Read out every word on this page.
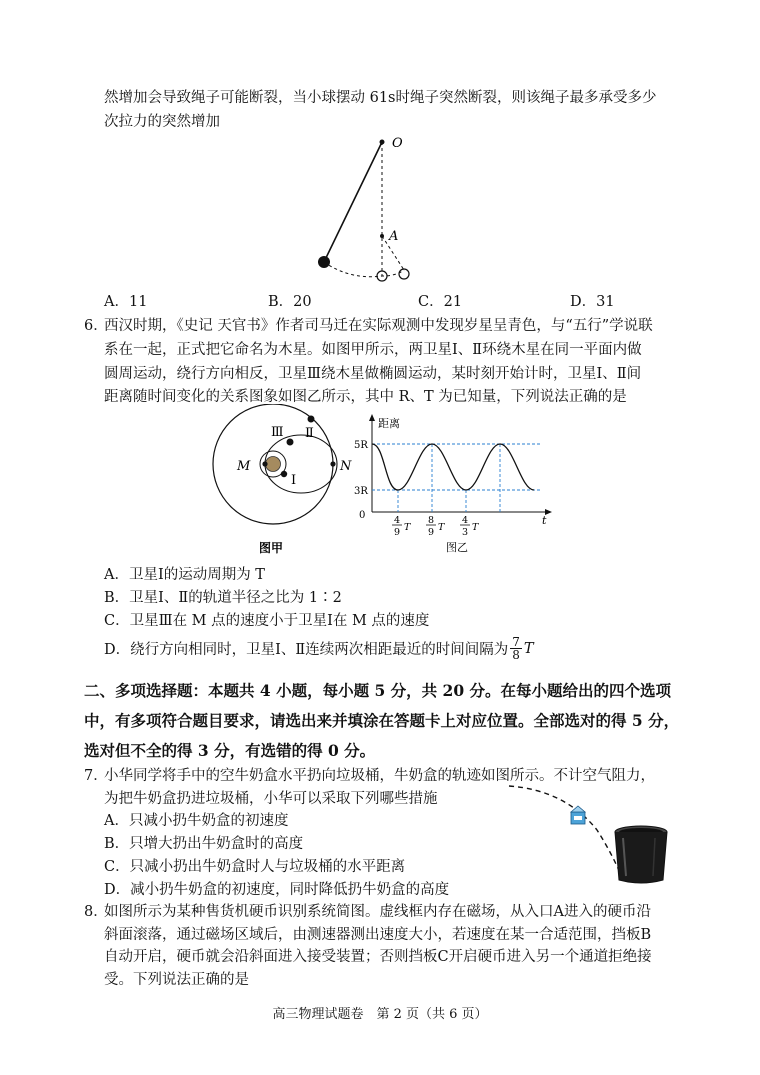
然增加会导致绳子可能断裂，当小球摆动 61s时绳子突然断裂，则该绳子最多承受多少
次拉力的突然增加
O
A
A．11	B．20	C．21	D．31
6．
西汉时期，《史记 天官书》作者司马迁在实际观测中发现岁星呈青色，与“五行”学说联
系在一起，正式把它命名为木星。如图甲所示，两卫星Ⅰ、Ⅱ环绕木星在同一平面内做
圆周运动，绕行方向相反，卫星Ⅲ绕木星做椭圆运动，某时刻开始计时，卫星Ⅰ、Ⅱ间
距离随时间变化的关系图象如图乙所示，其中 R、T 为已知量，下列说法正确的是
Ⅲ Ⅱ
Ⅰ
M	N
图甲
距离
5R
3R
0	t
4
9 T
8
9 T
4
3 T
图乙
A．卫星Ⅰ的运动周期为 T
B．卫星Ⅰ、Ⅱ的轨道半径之比为 1∶2
C．卫星Ⅲ在 M 点的速度小于卫星Ⅰ在 M 点的速度
D．绕行方向相同时，卫星Ⅰ、Ⅱ连续两次相距最近的时间间隔为 $\frac{7}{8}$ T
二、多项选择题：本题共 4 小题，每小题 5 分，共 20 分。在每小题给出的四个选项
中，有多项符合题目要求，请选出来并填涂在答题卡上对应位置。全部选对的得 5 分，
选对但不全的得 3 分，有选错的得 0 分。
7．
小华同学将手中的空牛奶盒水平扔向垃圾桶，牛奶盒的轨迹如图所示。不计空气阻力，
为把牛奶盒扔进垃圾桶，小华可以采取下列哪些措施
A．只减小扔牛奶盒的初速度
B．只增大扔出牛奶盒时的高度
C．只减小扔出牛奶盒时人与垃圾桶的水平距离
D．减小扔牛奶盒的初速度，同时降低扔牛奶盒的高度
8．
如图所示为某种售货机硬币识别系统简图。虚线框内存在磁场，从入口A进入的硬币沿
斜面滚落，通过磁场区域后，由测速器测出速度大小，若速度在某一合适范围，挡板B
自动开启，硬币就会沿斜面进入接受装置；否则挡板C开启硬币进入另一个通道拒绝接
受。下列说法正确的是
高三物理试题卷　第 2 页（共 6 页）
